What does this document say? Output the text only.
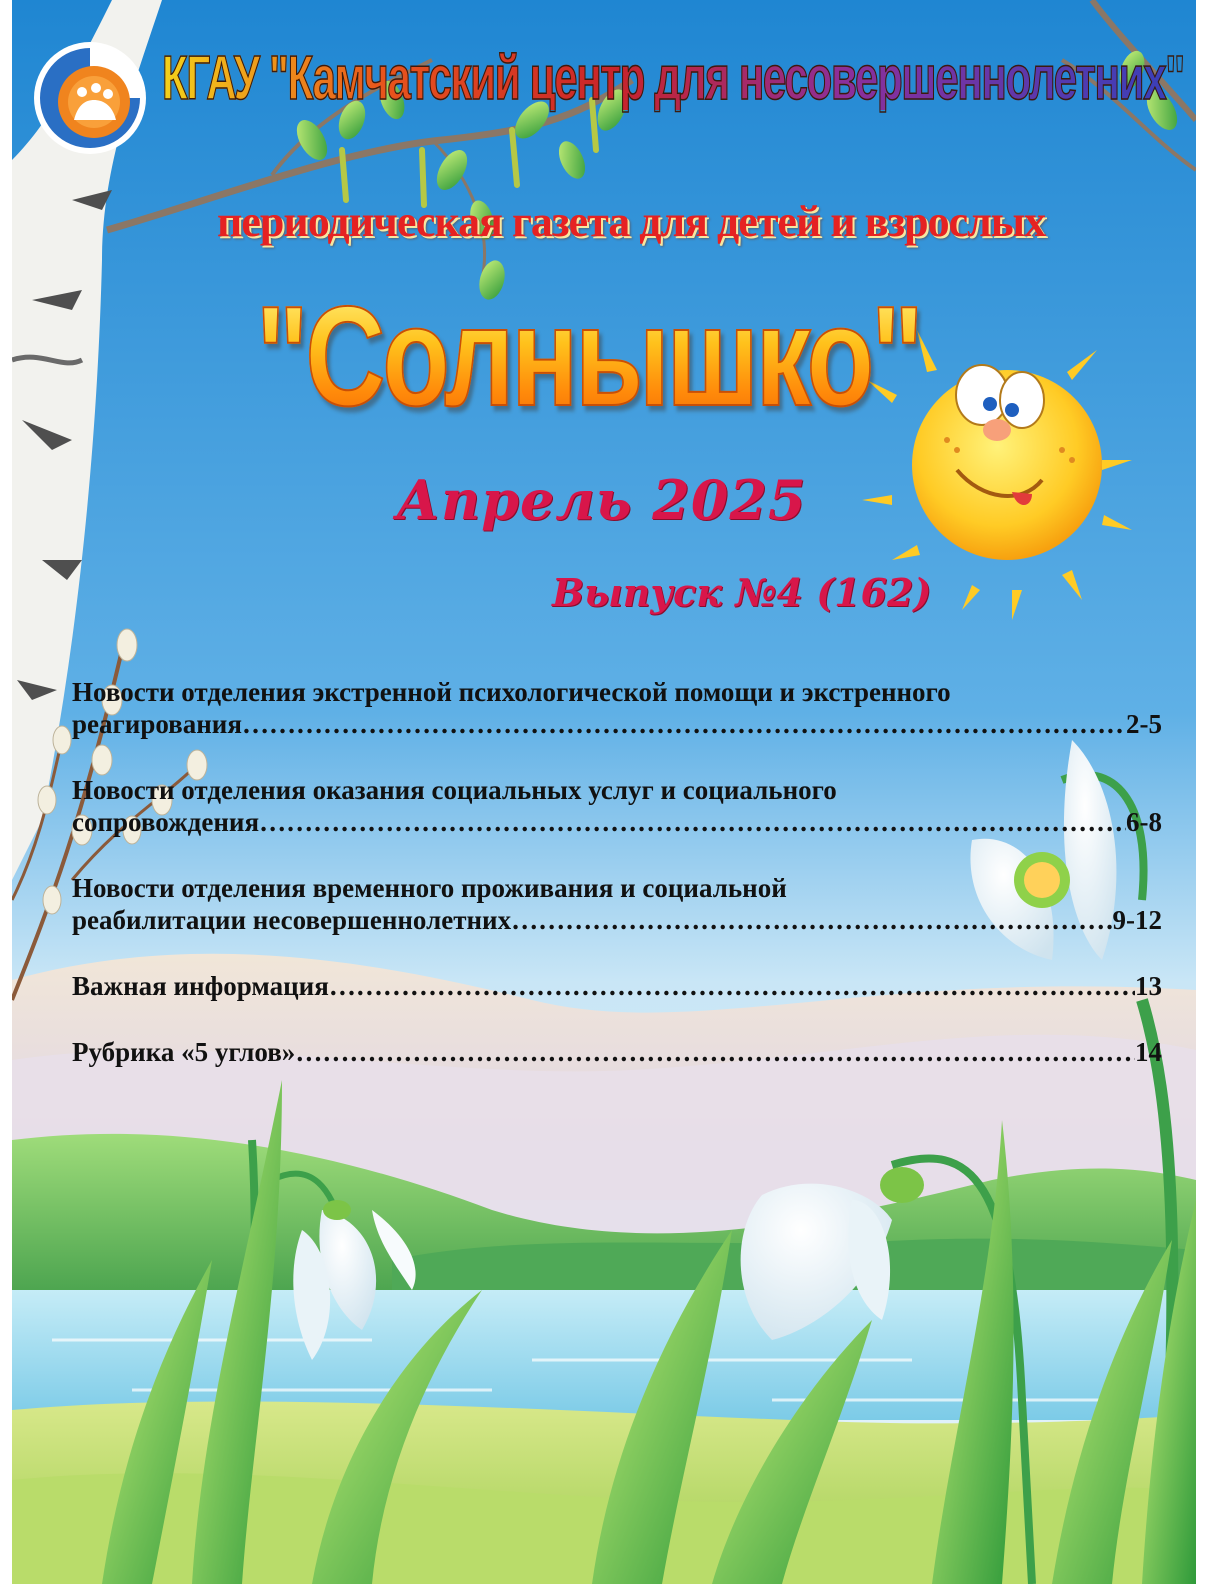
КГАУ "Камчатский центр для несовершеннолетних"
периодическая газета для детей и взрослых
"Солнышко"
Апрель 2025
Выпуск №4 (162)
Новости отделения экстренной психологической помощи и экстренного
реагирования ……………………………………………………………………………………………………………………………………………………	2-5
Новости отделения оказания социальных услуг и социального
сопровождения ……………………………………………………………………………………………………………………………………………………	6-8
Новости отделения временного проживания и социальной
реабилитации несовершеннолетних ……………………………………………………………………………………………………………………………………………………	9-12
Важная информация ……………………………………………………………………………………………………………………………………………………	13
Рубрика «5 углов» ……………………………………………………………………………………………………………………………………………………	14
